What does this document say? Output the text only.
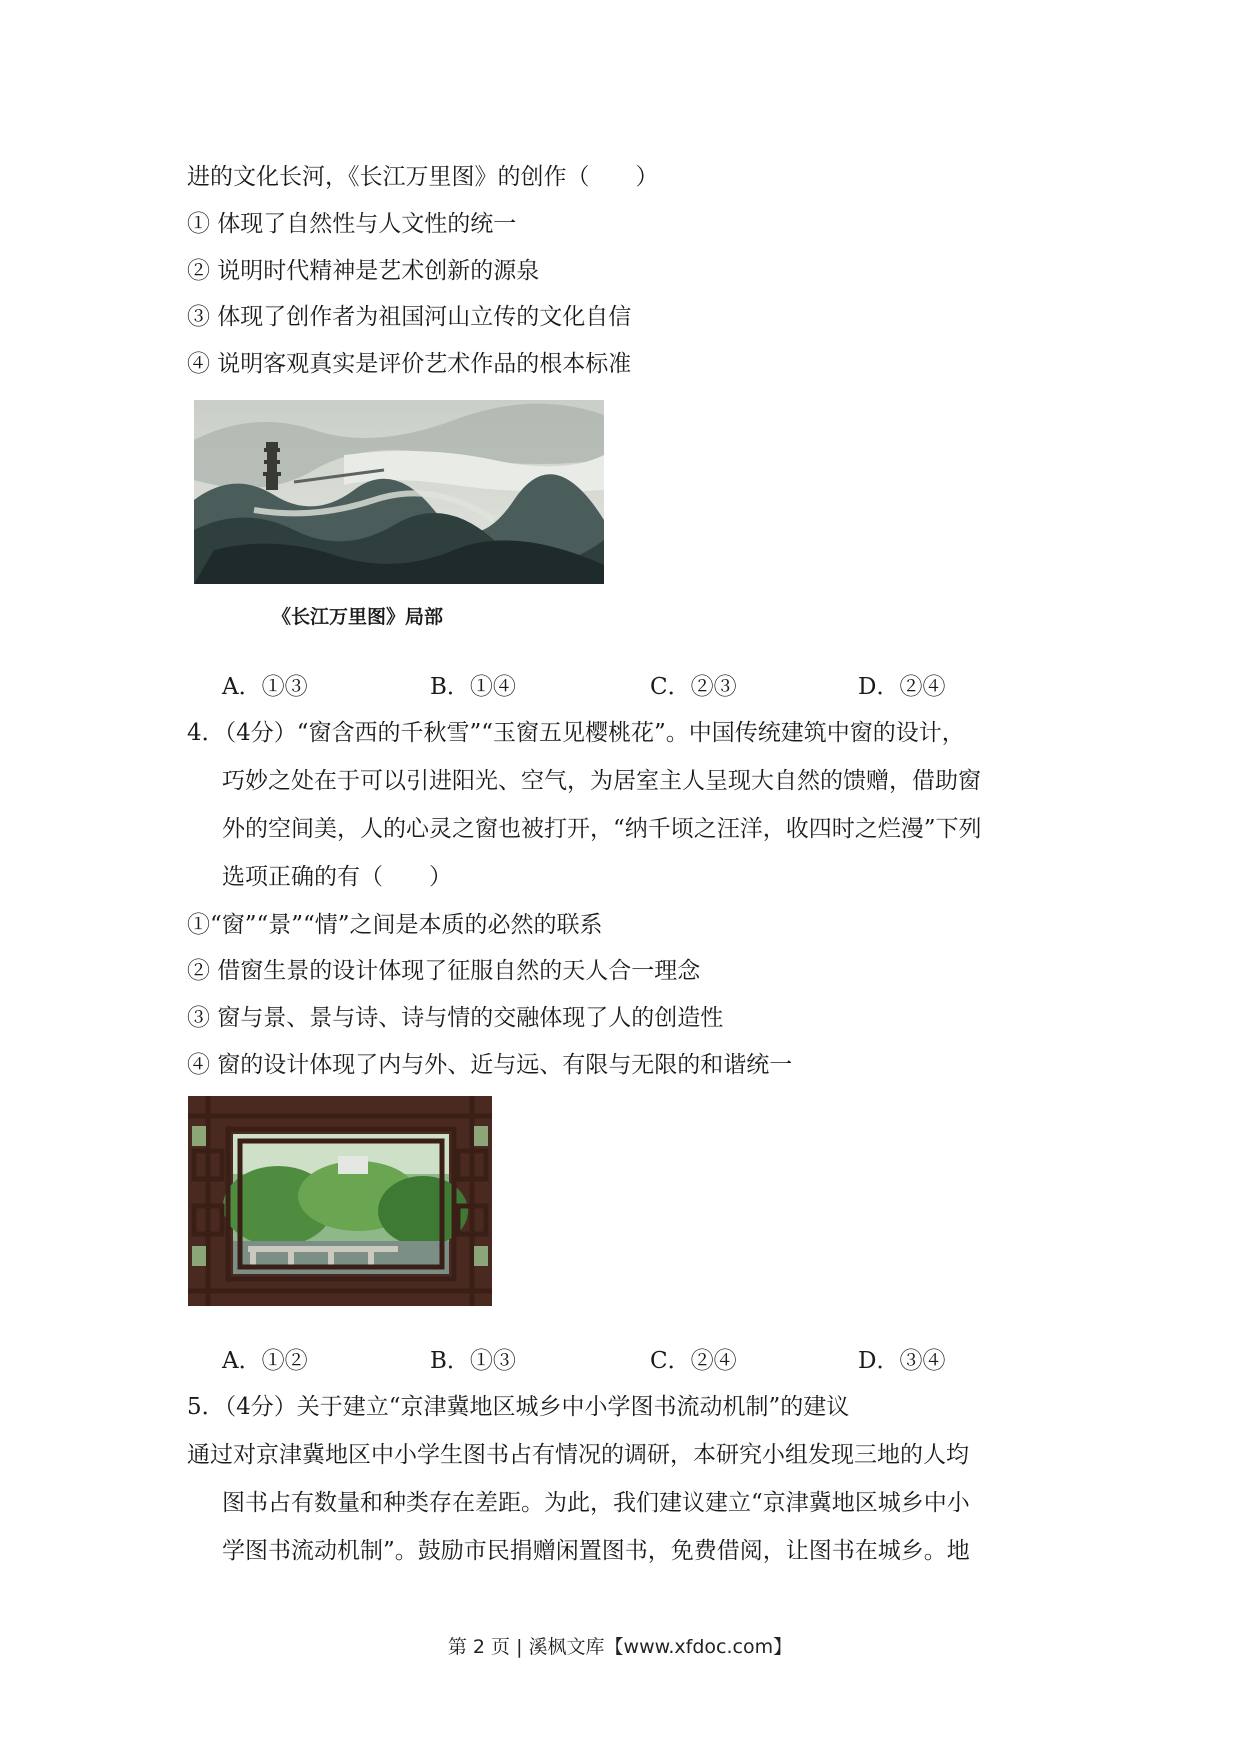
进的文化长河，《长江万里图》的创作（　　）
① 体现了自然性与人文性的统一
② 说明时代精神是艺术创新的源泉
③ 体现了创作者为祖国河山立传的文化自信
④ 说明客观真实是评价艺术作品的根本标准
《长江万里图》局部
A．①③	B．①④	C．②③	D．②④
4．（4分）“窗含西的千秋雪”“玉窗五见樱桃花”。中国传统建筑中窗的设计，
巧妙之处在于可以引进阳光、空气，为居室主人呈现大自然的馈赠，借助窗
外的空间美，人的心灵之窗也被打开，“纳千顷之汪洋，收四时之烂漫”下列
选项正确的有（　　）
①“窗”“景”“情”之间是本质的必然的联系
② 借窗生景的设计体现了征服自然的天人合一理念
③ 窗与景、景与诗、诗与情的交融体现了人的创造性
④ 窗的设计体现了内与外、近与远、有限与无限的和谐统一
A．①②	B．①③	C．②④	D．③④
5．（4分）关于建立“京津冀地区城乡中小学图书流动机制”的建议
通过对京津冀地区中小学生图书占有情况的调研，本研究小组发现三地的人均
图书占有数量和种类存在差距。为此，我们建议建立“京津冀地区城乡中小
学图书流动机制”。鼓励市民捐赠闲置图书，免费借阅，让图书在城乡。地
第 2 页 | 溪枫文库【www.xfdoc.com】
